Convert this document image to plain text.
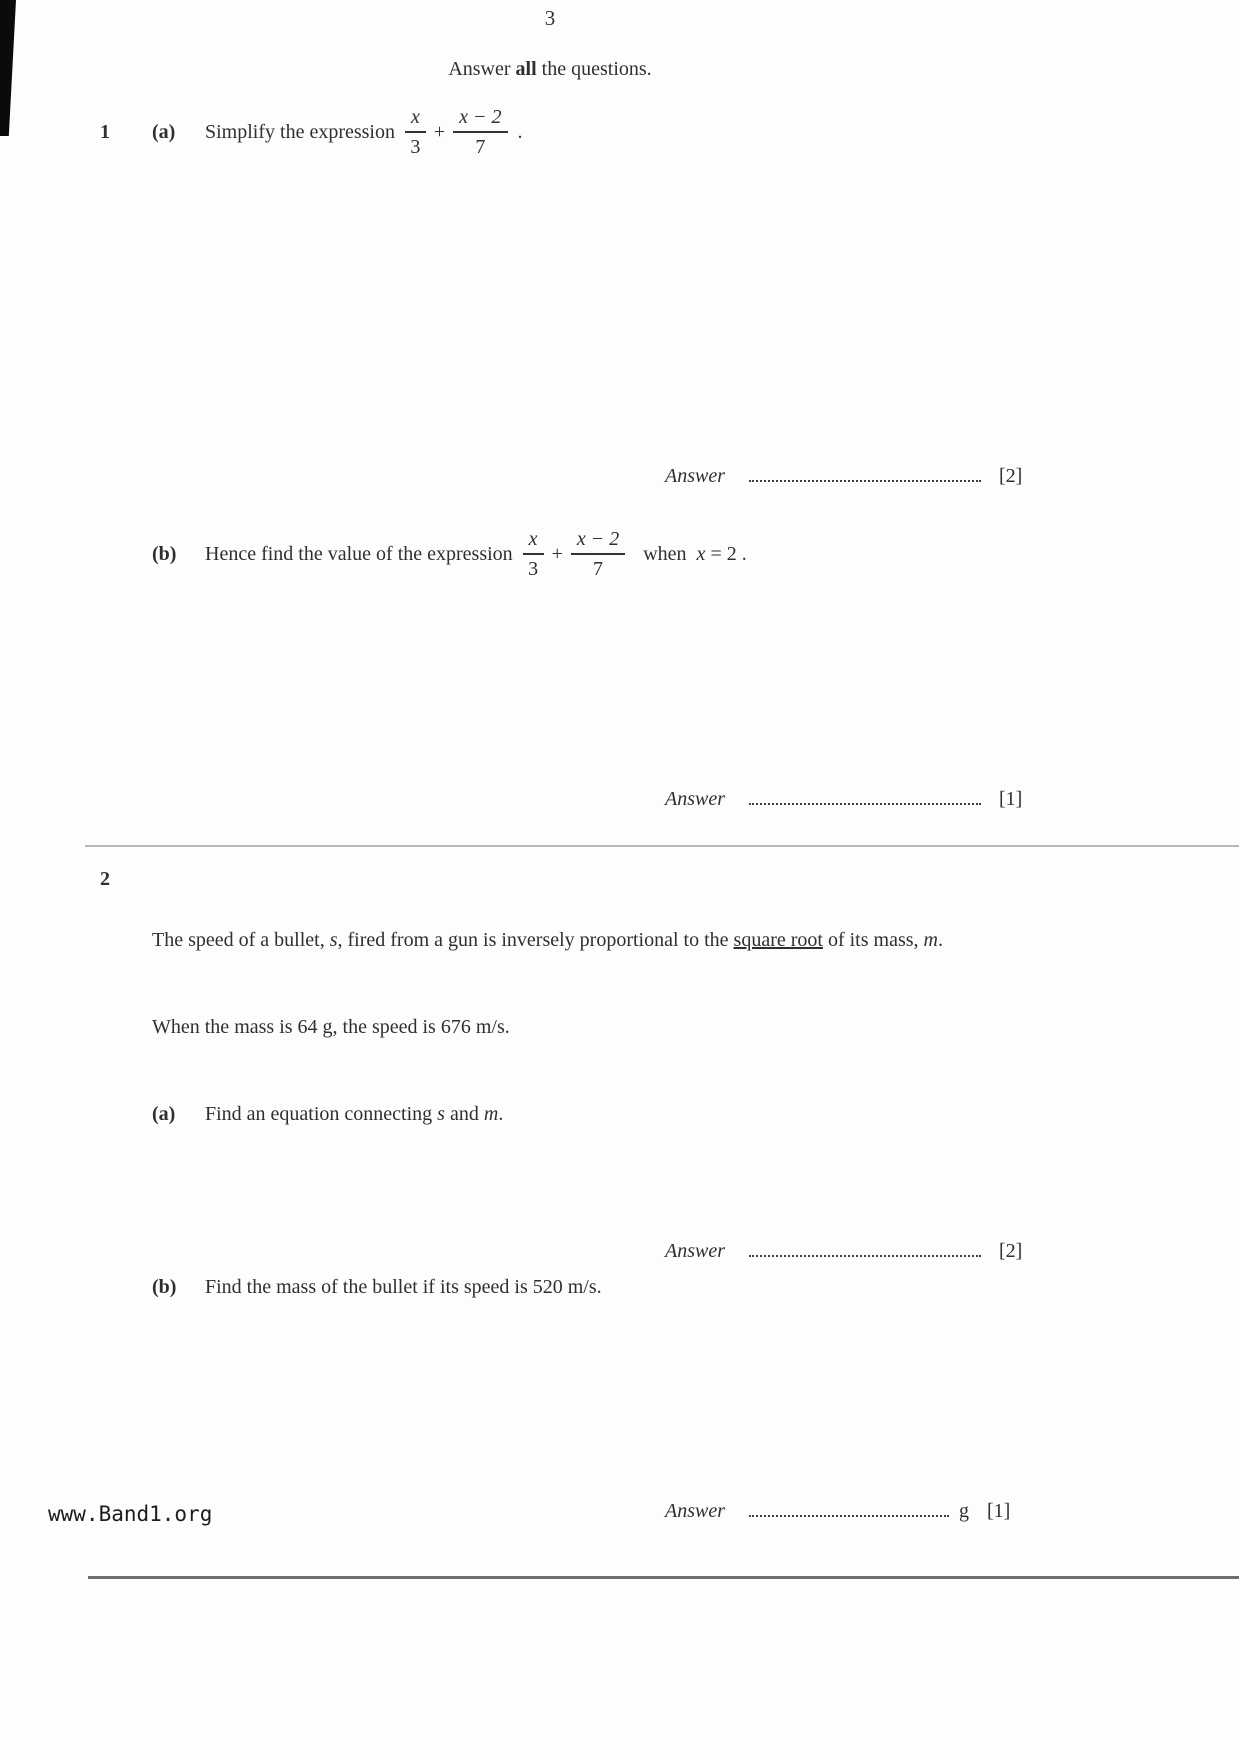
3
Answer all the questions.
1	(a)	Simplify the expression $\frac{x}{3} + \frac{x - 2}{7}$ .
Answer	[2]
(b)	Hence find the value of the expression $\frac{x}{3} + \frac{x - 2}{7}$ when x = 2 .
Answer	[1]
2

The speed of a bullet, s, fired from a gun is inversely proportional to the square root of its mass, m.

When the mass is 64 g, the speed is 676 m/s.

(a) Find an equation connecting s and m.

Answer	[2]
(b)	Find the mass of the bullet if its speed is 520 m/s.
Answer	g [1]
www.Band1.org
